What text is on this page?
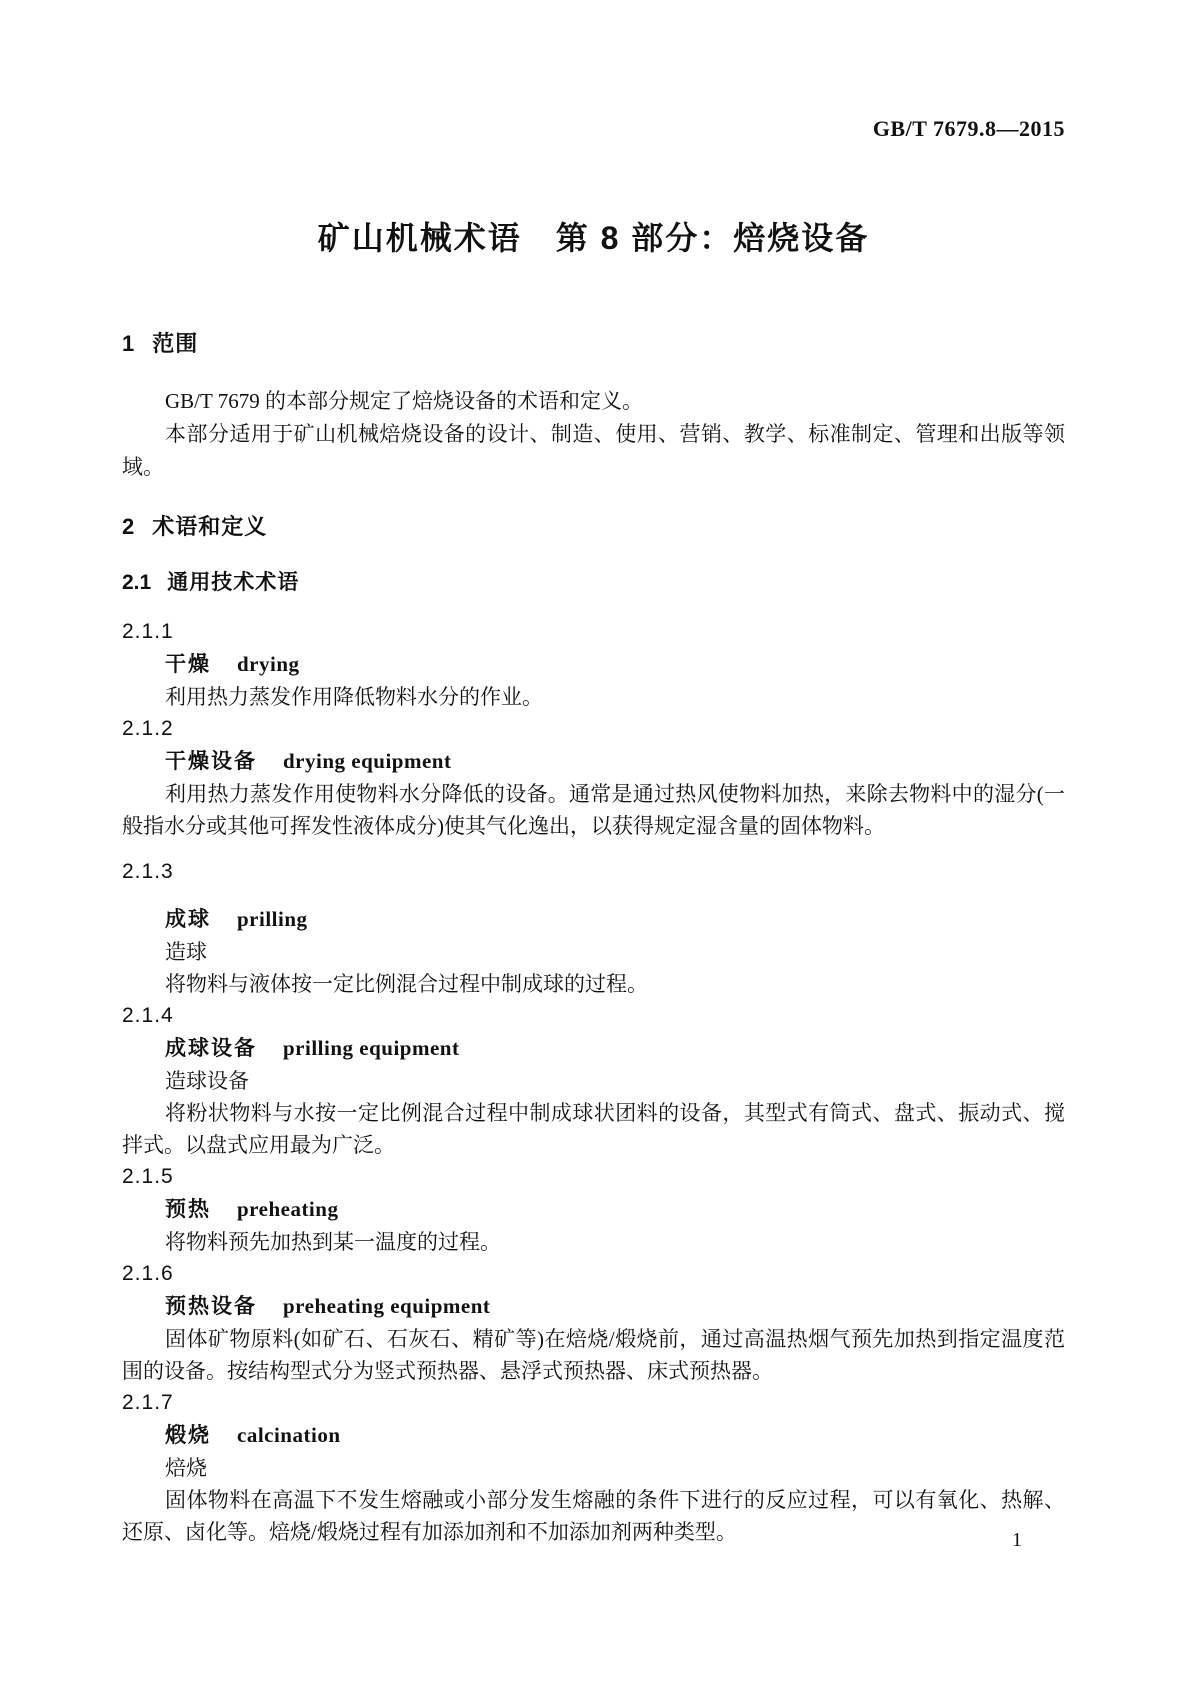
GB/T 7679.8—2015
矿山机械术语　第 8 部分：焙烧设备
1 范围

GB/T 7679 的本部分规定了焙烧设备的术语和定义。

本部分适用于矿山机械焙烧设备的设计、制造、使用、营销、教学、标准制定、管理和出版等领域。

2 术语和定义
2.1 通用技术术语
2.1.1
干燥 drying

利用热力蒸发作用降低物料水分的作业。

2.1.2
干燥设备 drying equipment

利用热力蒸发作用使物料水分降低的设备。通常是通过热风使物料加热，来除去物料中的湿分(一般指水分或其他可挥发性液体成分)使其气化逸出，以获得规定湿含量的固体物料。

2.1.3
成球 prilling

造球

将物料与液体按一定比例混合过程中制成球的过程。

2.1.4
成球设备 prilling equipment

造球设备

将粉状物料与水按一定比例混合过程中制成球状团料的设备，其型式有筒式、盘式、振动式、搅拌式。以盘式应用最为广泛。

2.1.5
预热 preheating

将物料预先加热到某一温度的过程。

2.1.6
预热设备 preheating equipment

固体矿物原料(如矿石、石灰石、精矿等)在焙烧/煅烧前，通过高温热烟气预先加热到指定温度范围的设备。按结构型式分为竖式预热器、悬浮式预热器、床式预热器。

2.1.7
煅烧 calcination

焙烧

固体物料在高温下不发生熔融或小部分发生熔融的条件下进行的反应过程，可以有氧化、热解、还原、卤化等。焙烧/煅烧过程有加添加剂和不加添加剂两种类型。	1
